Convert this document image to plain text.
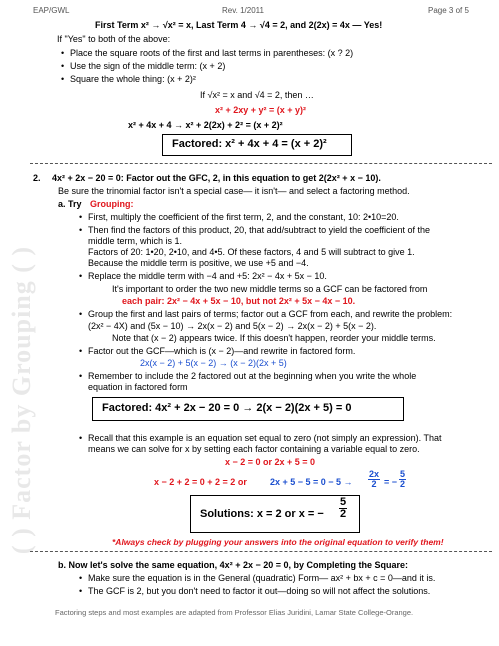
EAP/GWL	Rev. 1/2011	Page 3 of 5
( ) Factor by Grouping ( )
First Term x² → √x² = x, Last Term 4 → √4 = 2, and 2(2x) = 4x — Yes!
If "Yes" to both of the above:
• Place the square roots of the first and last terms in parentheses: (x ? 2)
• Use the sign of the middle term: (x + 2)
• Square the whole thing: (x + 2)²
If √x² = x and √4 = 2, then …
x² + 2xy + y² = (x + y)²
x² + 4x + 4 → x² + 2(2x) + 2² = (x + 2)²
Factored: x² + 4x + 4 = (x + 2)²
2.	4x² + 2x − 20 = 0: Factor out the GFC, 2, in this equation to get 2(2x² + x − 10).
Be sure the trinomial factor isn't a special case— it isn't— and select a factoring method.
a. Try Grouping:
• First, multiply the coefficient of the first term, 2, and the constant, 10: 2•10=20.
• Then find the factors of this product, 20, that add/subtract to yield the coefficient of the
middle term, which is 1.
Factors of 20: 1•20, 2•10, and 4•5. Of these factors, 4 and 5 will subtract to give 1.
Because the middle term is positive, we use +5 and −4.
• Replace the middle term with −4 and +5: 2x² − 4x + 5x − 10.
It's important to order the two new middle terms so a GCF can be factored from
each pair: 2x² − 4x + 5x − 10, but not 2x² + 5x − 4x − 10.
• Group the first and last pairs of terms; factor out a GCF from each, and rewrite the problem:
(2x² − 4X) and (5x − 10) → 2x(x − 2) and 5(x − 2) → 2x(x − 2) + 5(x − 2).
Note that (x − 2) appears twice. If this doesn't happen, reorder your middle terms.
• Factor out the GCF—which is (x − 2)—and rewrite in factored form.
2x(x − 2) + 5(x − 2) → (x − 2)(2x + 5)
• Remember to include the 2 factored out at the beginning when you write the whole
equation in factored form
Factored: 4x² + 2x − 20 = 0 → 2(x − 2)(2x + 5) = 0
• Recall that this example is an equation set equal to zero (not simply an expression). That
means we can solve for x by setting each factor containing a variable equal to zero.
x − 2 = 0 or 2x + 5 = 0
x − 2 + 2 = 0 + 2 = 2 or	2x + 5 − 5 = 0 − 5 →	$\frac{2x}{2}$ = − $\frac{5}{2}$
Solutions: x = 2 or x = −	$\frac{5}{2}$
*Always check by plugging your answers into the original equation to verify them!
b. Now let's solve the same equation, 4x² + 2x − 20 = 0, by Completing the Square:
• Make sure the equation is in the General (quadratic) Form— ax² + bx + c = 0—and it is.
• The GCF is 2, but you don't need to factor it out—doing so will not affect the solutions.
Factoring steps and most examples are adapted from Professor Elias Juridini, Lamar State College-Orange.
